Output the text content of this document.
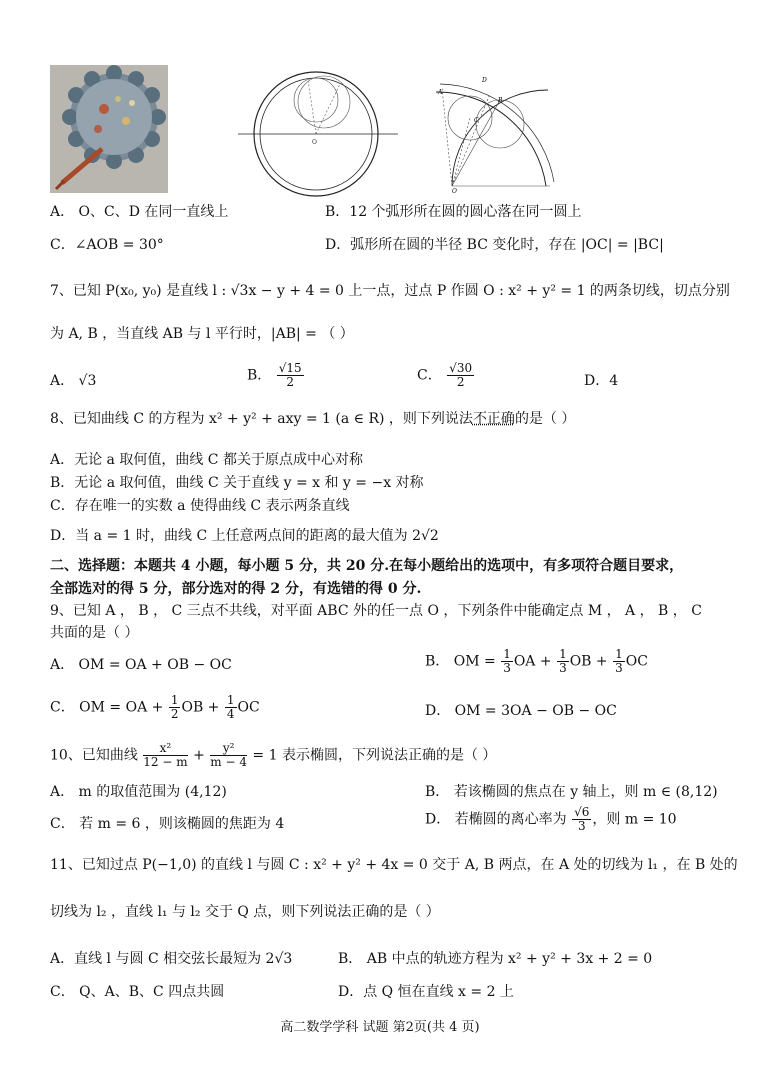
O
A
B
C
D
O
A． O、C、D 在同一直线上	B．12 个弧形所在圆的圆心落在同一圆上
C．∠AOB = 30°	D．弧形所在圆的半径 BC 变化时，存在 |OC| = |BC|
7、已知 P(x₀, y₀) 是直线 l : √3x − y + 4 = 0 上一点，过点 P 作圆 O : x² + y² = 1 的两条切线，切点分别
为 A, B ，当直线 AB 与 l 平行时，|AB| = （ ）
A． √3	B． $\frac{√15}{2}$	C． $\frac{√30}{2}$	D．4
8、已知曲线 C 的方程为 x² + y² + axy = 1 (a ∈ R) ，则下列说法不正确的是（ ）
A．无论 a 取何值，曲线 C 都关于原点成中心对称
B．无论 a 取何值，曲线 C 关于直线 y = x 和 y = −x 对称
C．存在唯一的实数 a 使得曲线 C 表示两条直线
D．当 a = 1 时，曲线 C 上任意两点间的距离的最大值为 2√2
二、选择题：本题共 4 小题，每小题 5 分，共 20 分.在每小题给出的选项中，有多项符合题目要求，
全部选对的得 5 分，部分选对的得 2 分，有选错的得 0 分.
9、已知 A ， B ， C 三点不共线，对平面 ABC 外的任一点 O ，下列条件中能确定点 M ， A ， B ， C
共面的是（ ）
A． OM = OA + OB − OC	B． OM = $\frac{1}{3}$ OA + $\frac{1}{3}$ OB + $\frac{1}{3}$ OC
C． OM = OA + $\frac{1}{2}$ OB + $\frac{1}{4}$ OC	D． OM = 3OA − OB − OC
10、已知曲线 $\frac{\text{x²}}{12 - m} + \frac{\text{y²}}{m - 4} = 1$ 表示椭圆，下列说法正确的是（ ）
A． m 的取值范围为 (4,12)	B． 若该椭圆的焦点在 y 轴上，则 m ∈ (8,12)
C． 若 m = 6 ，则该椭圆的焦距为 4	D． 若椭圆的离心率为 $\frac{√6}{3}$ ，则 m = 10
11、已知过点 P(−1,0) 的直线 l 与圆 C : x² + y² + 4x = 0 交于 A, B 两点，在 A 处的切线为 l₁ ，在 B 处的
切线为 l₂ ，直线 l₁ 与 l₂ 交于 Q 点，则下列说法正确的是（ ）
A．直线 l 与圆 C 相交弦长最短为 2√3	B． AB 中点的轨迹方程为 x² + y² + 3x + 2 = 0
C． Q、A、B、C 四点共圆	D．点 Q 恒在直线 x = 2 上
高二数学学科 试题 第2页(共 4 页)
